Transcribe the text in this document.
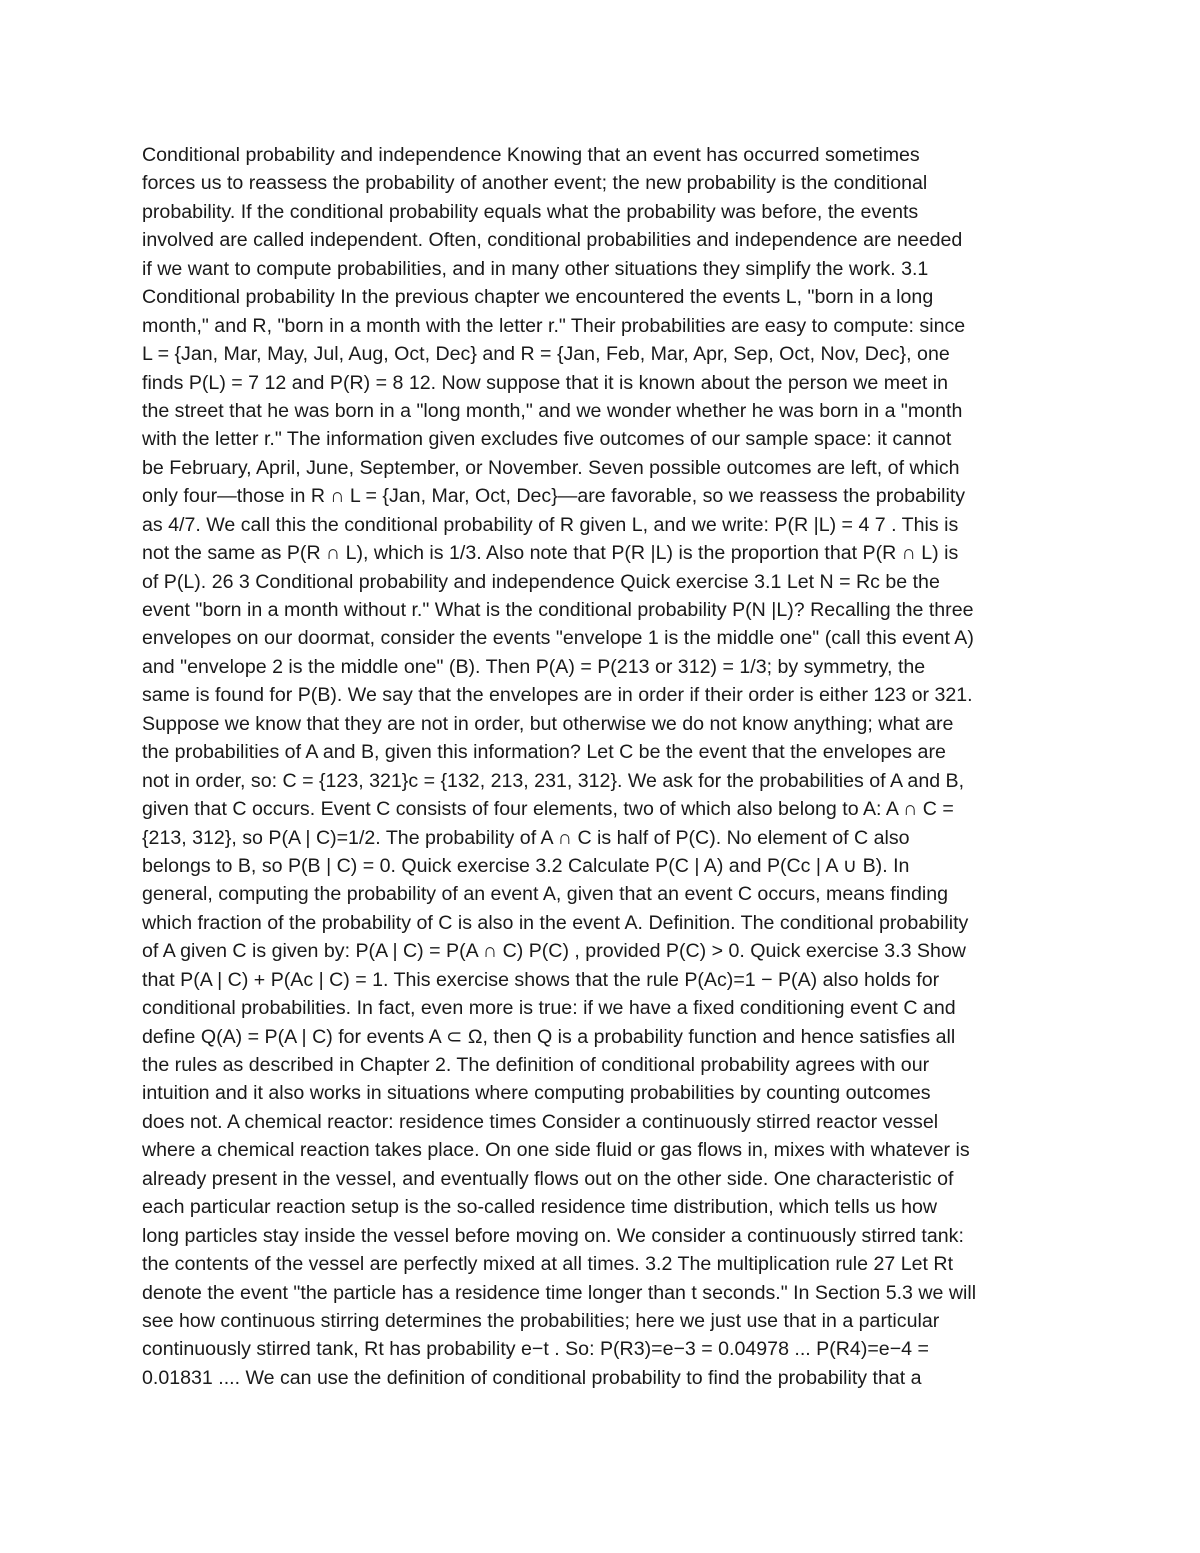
Conditional probability and independence Knowing that an event has occurred sometimes
forces us to reassess the probability of another event; the new probability is the conditional
probability. If the conditional probability equals what the probability was before, the events
involved are called independent. Often, conditional probabilities and independence are needed
if we want to compute probabilities, and in many other situations they simplify the work. 3.1
Conditional probability In the previous chapter we encountered the events L, "born in a long
month," and R, "born in a month with the letter r." Their probabilities are easy to compute: since
L = {Jan, Mar, May, Jul, Aug, Oct, Dec} and R = {Jan, Feb, Mar, Apr, Sep, Oct, Nov, Dec}, one
finds P(L) = 7 12 and P(R) = 8 12. Now suppose that it is known about the person we meet in
the street that he was born in a "long month," and we wonder whether he was born in a "month
with the letter r." The information given excludes five outcomes of our sample space: it cannot
be February, April, June, September, or November. Seven possible outcomes are left, of which
only four—those in R ∩ L = {Jan, Mar, Oct, Dec}—are favorable, so we reassess the probability
as 4/7. We call this the conditional probability of R given L, and we write: P(R |L) = 4 7 . This is
not the same as P(R ∩ L), which is 1/3. Also note that P(R |L) is the proportion that P(R ∩ L) is
of P(L). 26 3 Conditional probability and independence Quick exercise 3.1 Let N = Rc be the
event "born in a month without r." What is the conditional probability P(N |L)? Recalling the three
envelopes on our doormat, consider the events "envelope 1 is the middle one" (call this event A)
and "envelope 2 is the middle one" (B). Then P(A) = P(213 or 312) = 1/3; by symmetry, the
same is found for P(B). We say that the envelopes are in order if their order is either 123 or 321.
Suppose we know that they are not in order, but otherwise we do not know anything; what are
the probabilities of A and B, given this information? Let C be the event that the envelopes are
not in order, so: C = {123, 321}c = {132, 213, 231, 312}. We ask for the probabilities of A and B,
given that C occurs. Event C consists of four elements, two of which also belong to A: A ∩ C =
{213, 312}, so P(A | C)=1/2. The probability of A ∩ C is half of P(C). No element of C also
belongs to B, so P(B | C) = 0. Quick exercise 3.2 Calculate P(C | A) and P(Cc | A ∪ B). In
general, computing the probability of an event A, given that an event C occurs, means finding
which fraction of the probability of C is also in the event A. Definition. The conditional probability
of A given C is given by: P(A | C) = P(A ∩ C) P(C) , provided P(C) > 0. Quick exercise 3.3 Show
that P(A | C) + P(Ac | C) = 1. This exercise shows that the rule P(Ac)=1 − P(A) also holds for
conditional probabilities. In fact, even more is true: if we have a fixed conditioning event C and
define Q(A) = P(A | C) for events A ⊂ Ω, then Q is a probability function and hence satisfies all
the rules as described in Chapter 2. The definition of conditional probability agrees with our
intuition and it also works in situations where computing probabilities by counting outcomes
does not. A chemical reactor: residence times Consider a continuously stirred reactor vessel
where a chemical reaction takes place. On one side fluid or gas flows in, mixes with whatever is
already present in the vessel, and eventually flows out on the other side. One characteristic of
each particular reaction setup is the so-called residence time distribution, which tells us how
long particles stay inside the vessel before moving on. We consider a continuously stirred tank:
the contents of the vessel are perfectly mixed at all times. 3.2 The multiplication rule 27 Let Rt
denote the event "the particle has a residence time longer than t seconds." In Section 5.3 we will
see how continuous stirring determines the probabilities; here we just use that in a particular
continuously stirred tank, Rt has probability e−t . So: P(R3)=e−3 = 0.04978 ... P(R4)=e−4 =
0.01831 .... We can use the definition of conditional probability to find the probability that a
